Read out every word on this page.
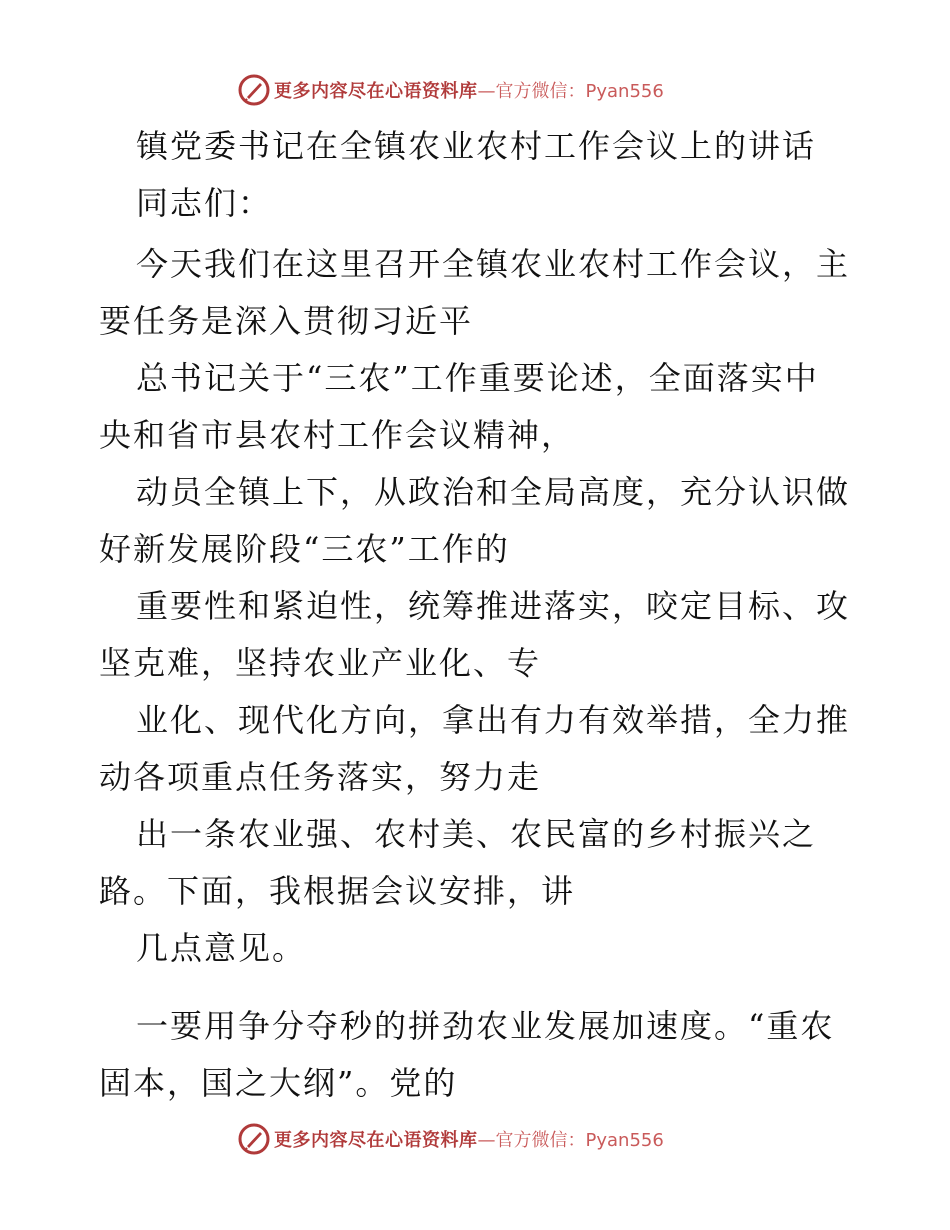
更多内容尽在心语资料库 —官方微信：Pyan556
镇党委书记在全镇农业农村工作会议上的讲话
同志们：
今天我们在这里召开全镇农业农村工作会议，主
要任务是深入贯彻习近平
总书记关于“三农”工作重要论述，全面落实中
央和省市县农村工作会议精神，
动员全镇上下，从政治和全局高度，充分认识做
好新发展阶段“三农”工作的
重要性和紧迫性，统筹推进落实，咬定目标、攻
坚克难，坚持农业产业化、专
业化、现代化方向，拿出有力有效举措，全力推
动各项重点任务落实，努力走
出一条农业强、农村美、农民富的乡村振兴之
路。下面，我根据会议安排，讲
几点意见。
一要用争分夺秒的拼劲农业发展加速度。“重农
固本，国之大纲”。党的
更多内容尽在心语资料库 —官方微信：Pyan556
